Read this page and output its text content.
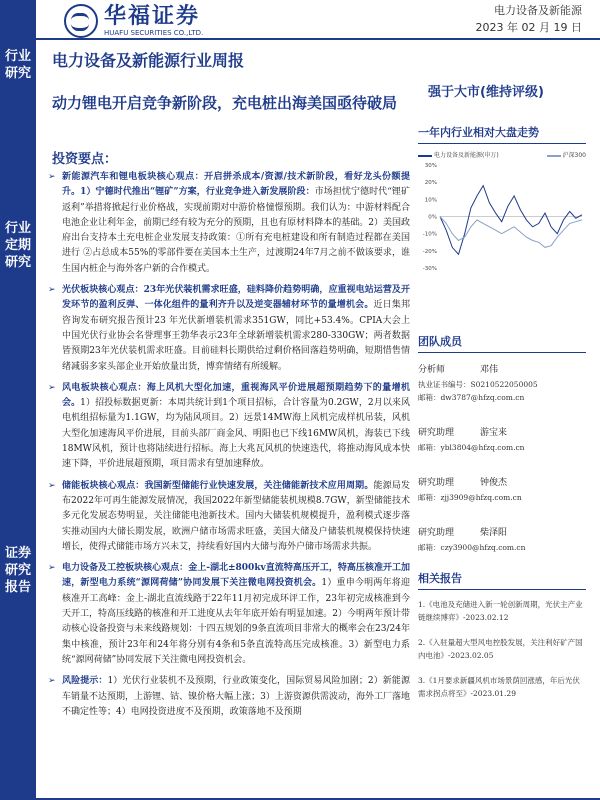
行业研究
行业定期研究
证券研究报告
华福证券
HUAFU SECURITIES CO.,LTD.
电力设备及新能源
2023 年 02 月 19 日
电力设备及新能源行业周报
动力锂电开启竞争新阶段，充电桩出海美国亟待破局
强于大市(维持评级)
投资要点：
➢ 新能源汽车和锂电板块核心观点：开启拼杀成本/资源/技术新阶段，看好龙头份额提升。1）宁德时代推出“锂矿”方案，行业竞争进入新发展阶段：市场担忧宁德时代“锂矿返利”举措将掀起行业价格战，实现前期对中游价格憧憬预期。我们认为：中游材料配合电池企业让利年金，前期已经有较为充分的预期，且也有原材料降本的基础。2）美国政府出台支持本土充电桩企业发展支持政策：①所有充电桩建设和所有制造过程都在美国进行 ②占总成本55%的零部件要在美国本土生产，过渡期24年7月之前不做该要求，谁生国内桩企与海外客户新的合作模式。
➢ 光伏板块核心观点：23年光伏装机需求旺盛，硅料降价趋势明确，应重视电站运营及开发环节的盈利反弹、一体化组件的量利齐升以及逆变器辅材环节的量增机会。近日集邦咨询发布研究报告预计23 年光伏新增装机需求351GW，同比+53.4%。CPIA大会上中国光伏行业协会名誉理事王勃华表示23年全球新增装机需求280-330GW；两者数据皆预期23年光伏装机需求旺盛。目前硅料长期供给过剩价格回落趋势明确，短期惜售情绪减弱多家头部企业开始放量出货，博弈情绪有所缓解。
➢ 风电板块核心观点：海上风机大型化加速，重视海风平价进展超预期趋势下的量增机会。1）招投标数据更新：本周共统计到1个项目招标，合计容量为0.2GW，2月以来风电机组招标量为1.1GW，均为陆风项目。2）远景14MW海上风机完成样机吊装，风机大型化加速海风平价进展，目前头部厂商金风、明阳也已下线16MW风机，海装已下线18MW风机，预计也将陆续进行招标。海上大兆瓦风机的快速迭代，将推动海风成本快速下降，平价进展超预期，项目需求有望加速释放。
➢ 储能板块核心观点：我国新型储能行业快速发展，关注储能新技术应用周期。能源局发布2022年可再生能源发展情况，我国2022年新型储能装机规模8.7GW，新型储能技术多元化发展态势明显，关注储能电池新技术。国内大储装机规模提升，盈利模式逐步落实推动国内大储长期发展，欧洲户储市场需求旺盛，美国大储及户储装机规模保持快速增长，使得式储能市场方兴未艾，持续看好国内大储与海外户储市场需求共振。
➢ 电力设备及工控板块核心观点：金上-湖北±800kv直流特高压开工，特高压核准开工加速，新型电力系统“源网荷储”协同发展下关注微电网投资机会。1）重申今明两年将迎核准开工高峰：金上-湖北直流线路于22年11月初完成环评工作，23年初完成核准到今天开工，特高压线路的核准和开工进度从去年年底开始有明显加速。2）今明两年预计带动核心设备投资与未来线路规划：十四五规划的9条直流项目非常大的概率会在23/24年集中核准，预计23年和24年将分别有4条和5条直流特高压完成核准。3）新型电力系统“源网荷储”协同发展下关注微电网投资机会。
➢ 风险提示：1）光伏行业装机不及预期，行业政策变化，国际贸易风险加剧；2）新能源车销量不达预期，上游锂、钴、镍价格大幅上涨；3）上游资源供需波动，海外工厂落地不确定性等；4）电网投资进度不及预期，政策落地不及预期
一年内行业相对大盘走势
电力设备及新能源(申万)	沪深300
30%
20%
10%
0%
-10%
-20%
-30%
团队成员
分析师	邓伟
执业证书编号：S0210522050005
邮箱：dw3787@hfzq.com.cn
研究助理	游宝来
邮箱：ybl3804@hfzq.com.cn
研究助理	钟俊杰
邮箱：zjj3909@hfzq.com.cn
研究助理	柴泽阳
邮箱：czy3900@hfzq.com.cn
相关报告
1.《电池及充储进入新一轮创新周期，光伏主产业链继续博弈》-2023.02.12
2.《入驻量超大型风电控股发展，关注利好矿产国内电池》-2023.02.05
3.《1月要求新疆风机市场景荫回涨感，年后光伏需求拐点将至》-2023.01.29
